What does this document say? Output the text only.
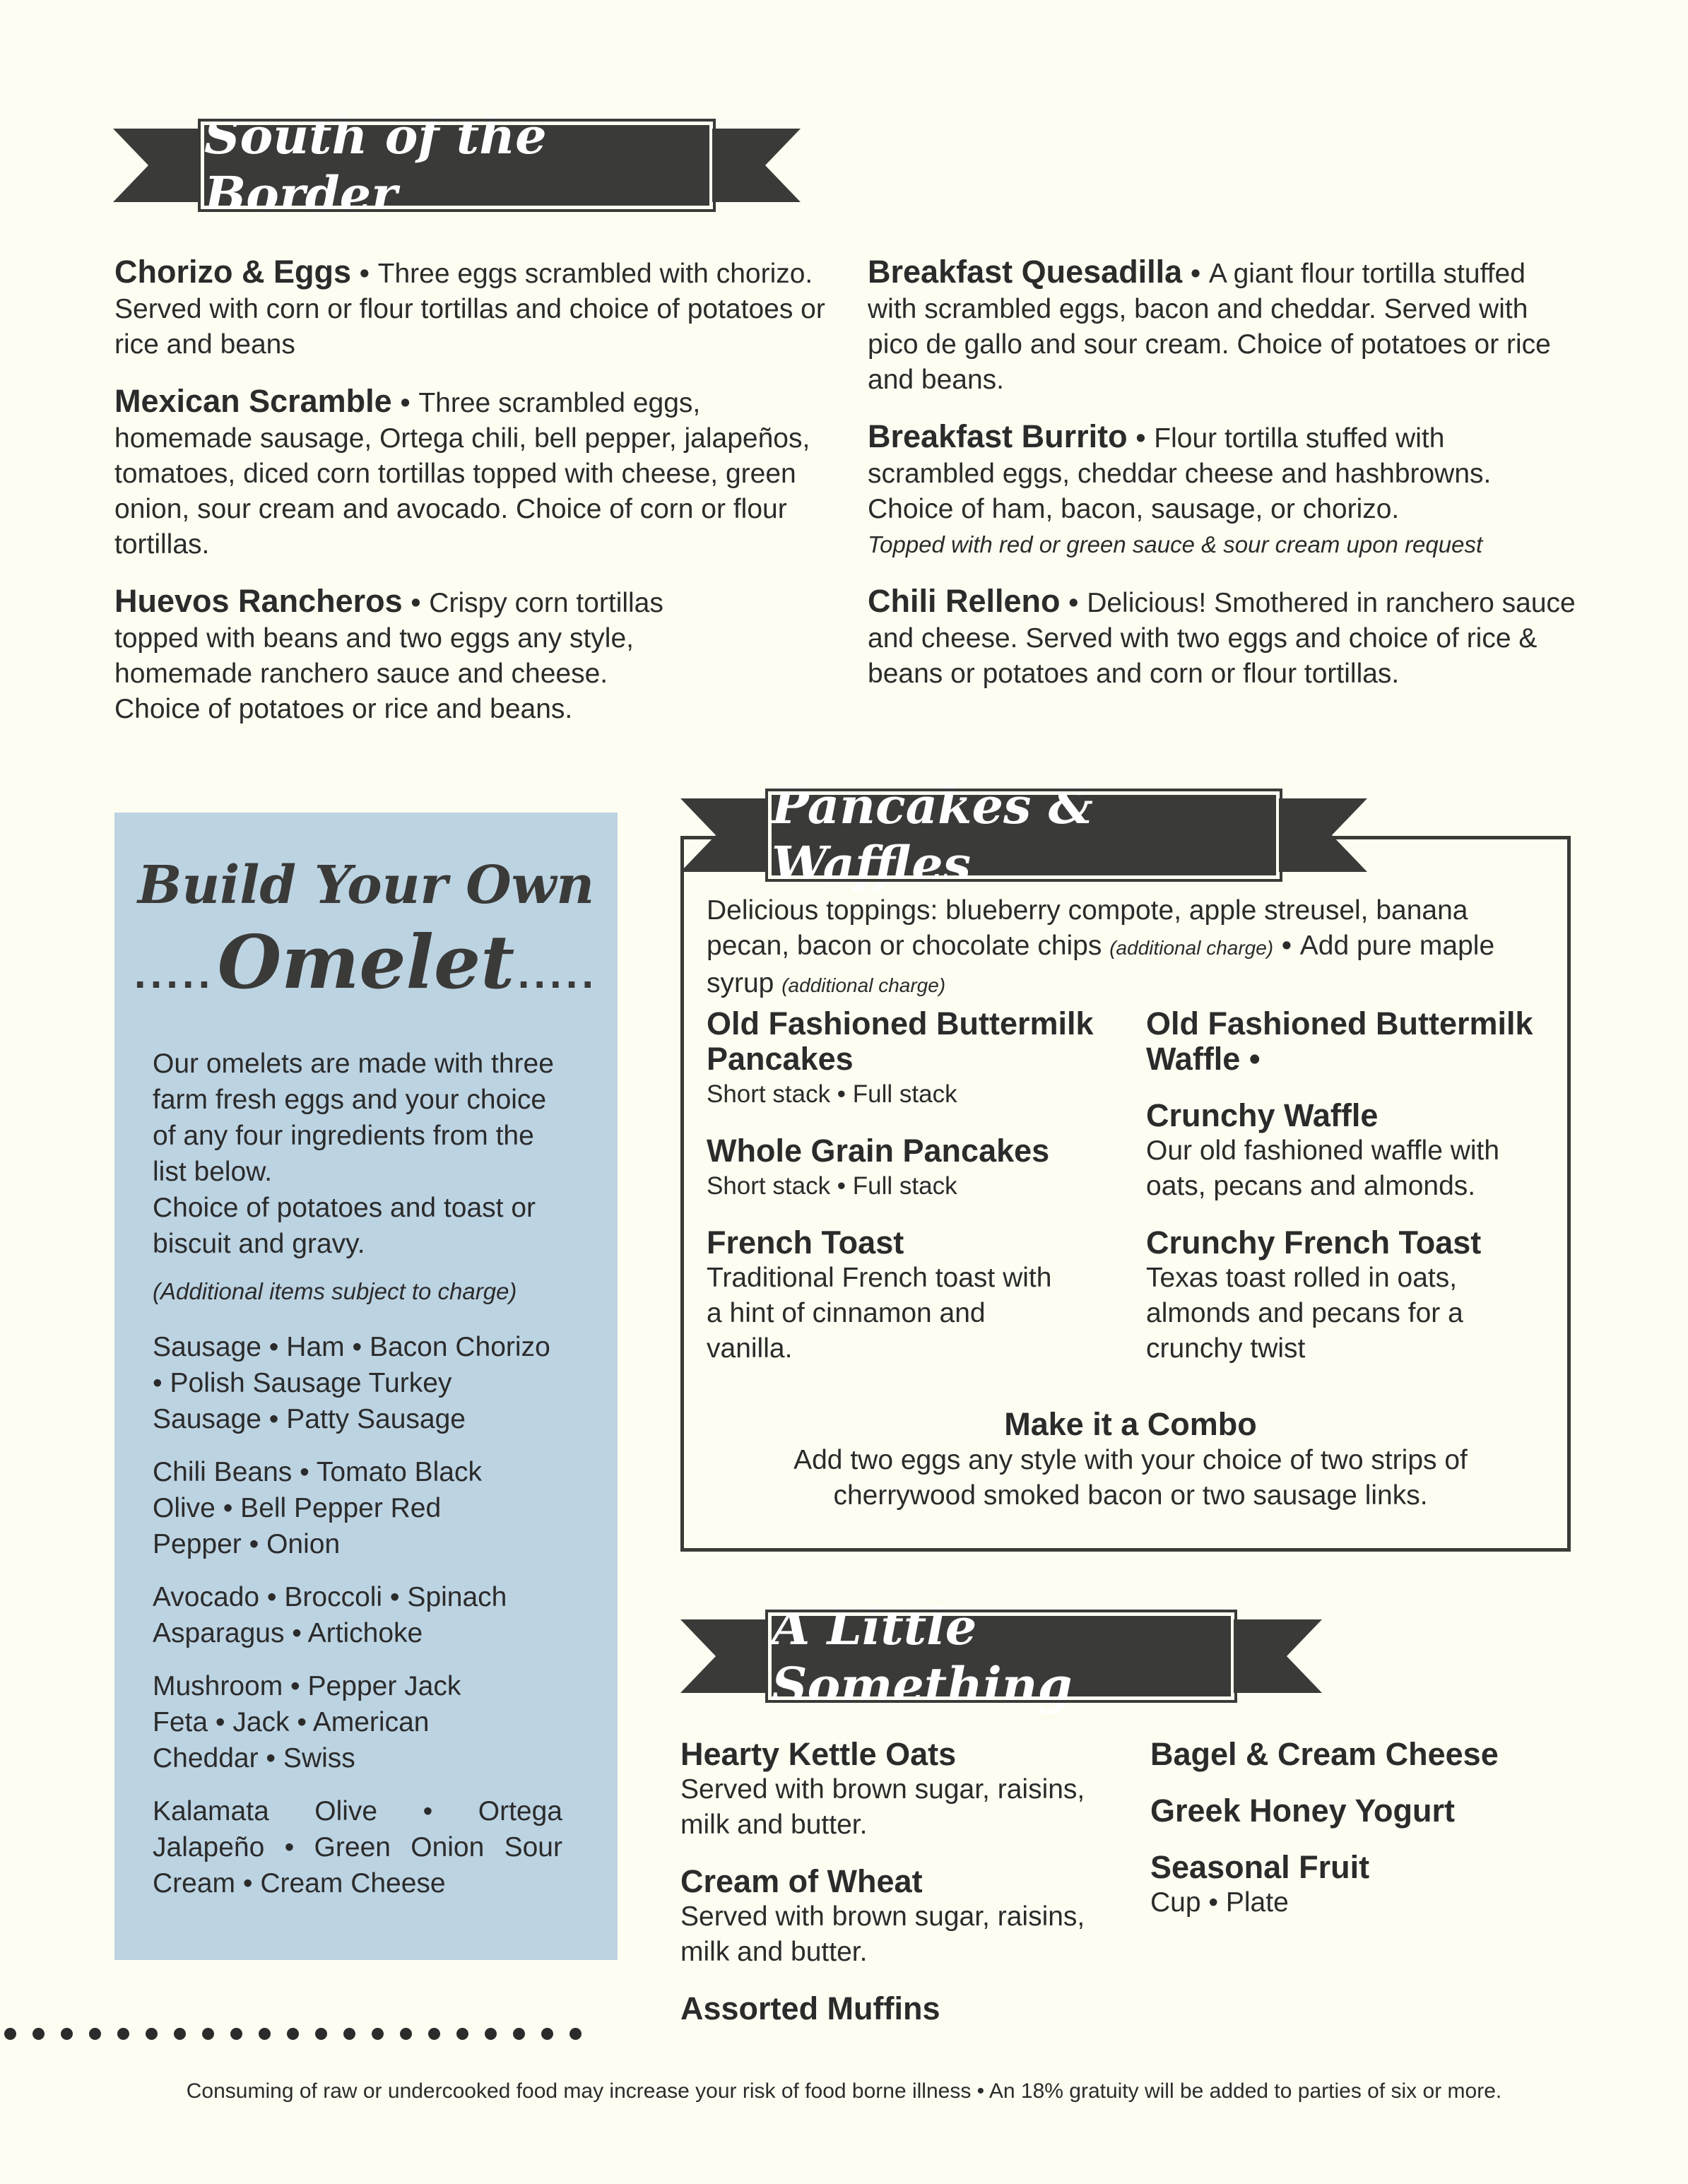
South of the Border
Chorizo & Eggs • Three eggs scrambled with chorizo. Served with corn or flour tortillas and choice of potatoes or rice and beans
Mexican Scramble • Three scrambled eggs, homemade sausage, Ortega chili, bell pepper, jalapeños, tomatoes, diced corn tortillas topped with cheese, green onion, sour cream and avocado. Choice of corn or flour tortillas.
Huevos Rancheros • Crispy corn tortillas topped with beans and two eggs any style, homemade ranchero sauce and cheese. Choice of potatoes or rice and beans.
Breakfast Quesadilla • A giant flour tortilla stuffed with scrambled eggs, bacon and cheddar. Served with pico de gallo and sour cream. Choice of potatoes or rice and beans.
Breakfast Burrito • Flour tortilla stuffed with scrambled eggs, cheddar cheese and hashbrowns. Choice of ham, bacon, sausage, or chorizo.
Topped with red or green sauce & sour cream upon request
Chili Relleno • Delicious! Smothered in ranchero sauce and cheese. Served with two eggs and choice of rice & beans or potatoes and corn or flour tortillas.
Build Your Own
..... Omelet .....
Our omelets are made with three farm fresh eggs and your choice of any four ingredients from the list below.
Choice of potatoes and toast or biscuit and gravy.
(Additional items subject to charge)
Sausage • Ham • Bacon Chorizo • Polish Sausage Turkey Sausage • Patty Sausage
Chili Beans • Tomato Black Olive • Bell Pepper Red Pepper • Onion
Avocado • Broccoli • Spinach Asparagus • Artichoke
Mushroom • Pepper Jack Feta • Jack • American Cheddar • Swiss
Kalamata Olive • Ortega Jalapeño • Green Onion Sour Cream • Cream Cheese
Pancakes & Waffles
Delicious toppings: blueberry compote, apple streusel, banana pecan, bacon or chocolate chips (additional charge) • Add pure maple syrup (additional charge)
Old Fashioned Buttermilk Pancakes
Short stack • Full stack
Whole Grain Pancakes
Short stack • Full stack
French Toast
Traditional French toast with a hint of cinnamon and vanilla.
Old Fashioned Buttermilk Waffle •
Crunchy Waffle
Our old fashioned waffle with oats, pecans and almonds.
Crunchy French Toast
Texas toast rolled in oats, almonds and pecans for a crunchy twist
Make it a Combo
Add two eggs any style with your choice of two strips of cherrywood smoked bacon or two sausage links.
A Little Something
Hearty Kettle Oats
Served with brown sugar, raisins, milk and butter.
Cream of Wheat
Served with brown sugar, raisins, milk and butter.
Assorted Muffins
Bagel & Cream Cheese
Greek Honey Yogurt
Seasonal Fruit
Cup • Plate
Consuming of raw or undercooked food may increase your risk of food borne illness • An 18% gratuity will be added to parties of six or more.
